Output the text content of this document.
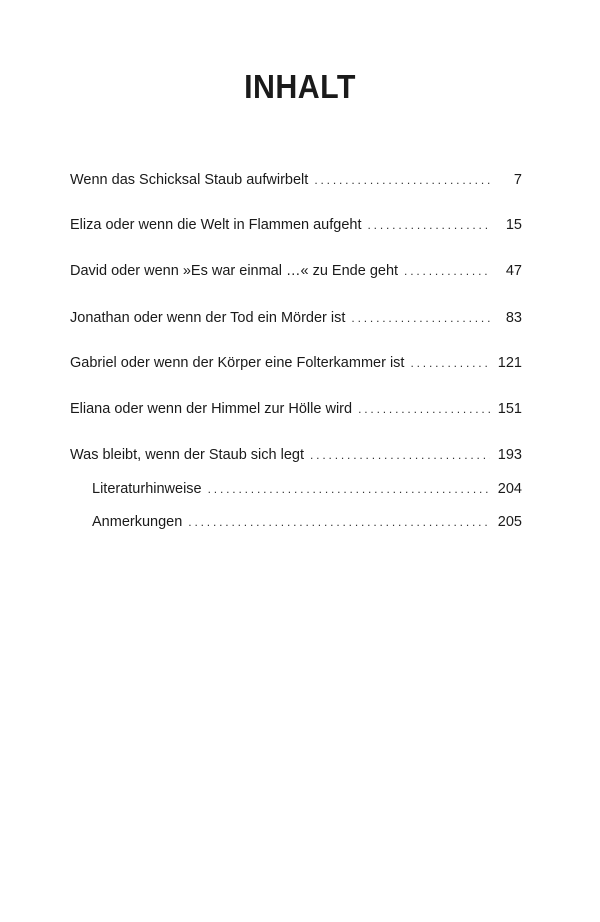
INHALT
Wenn das Schicksal Staub aufwirbelt . . .	7
Eliza oder wenn die Welt in Flammen aufgeht . . .	15
David oder wenn »Es war einmal …« zu Ende geht . . .	47
Jonathan oder wenn der Tod ein Mörder ist . . .	83
Gabriel oder wenn der Körper eine Folterkammer ist . . .	121
Eliana oder wenn der Himmel zur Hölle wird . . .	151
Was bleibt, wenn der Staub sich legt . . .	193
Literaturhinweise . . .	204
Anmerkungen . . .	205
